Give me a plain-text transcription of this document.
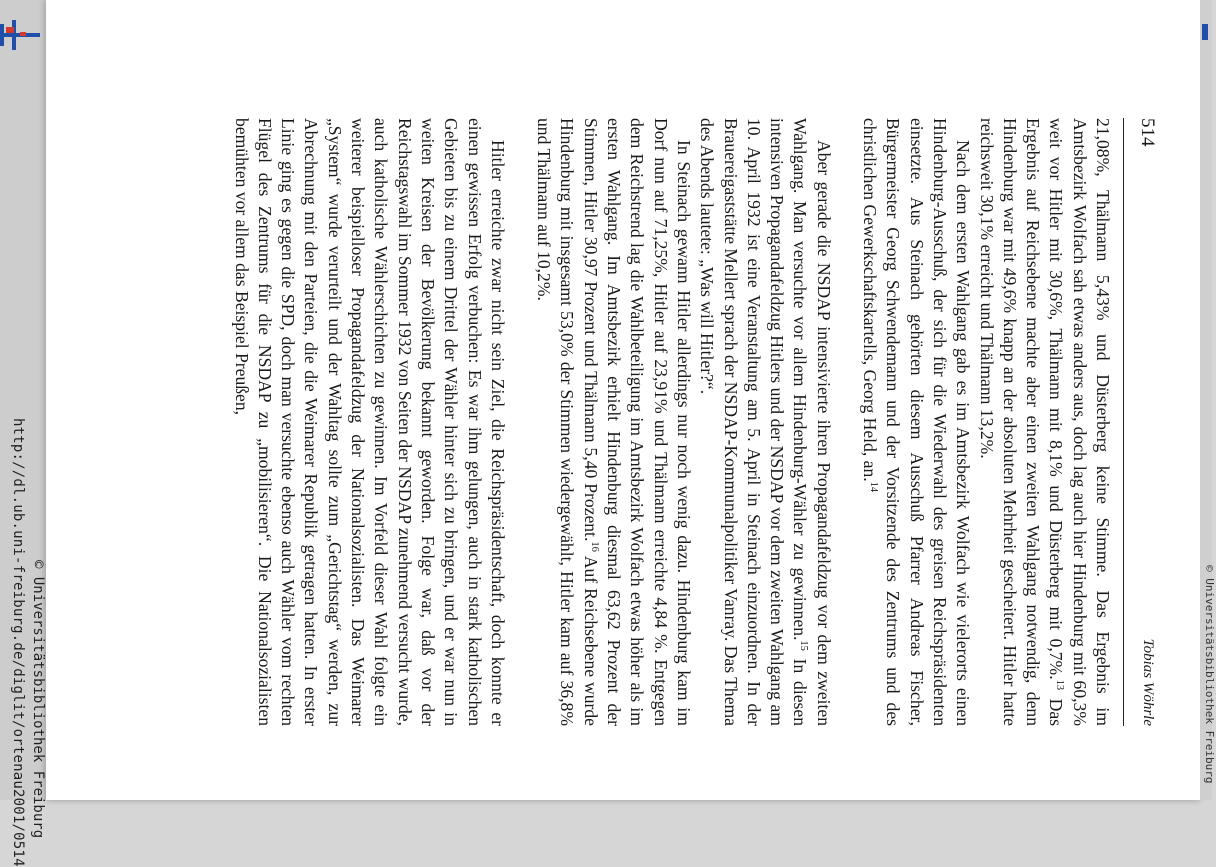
http://dl.ub.uni-freiburg.de/diglit/ortenau2001/0514 © Universitätsbibliothek Freiburg	© Universitätsbibliothek Freiburg
514
Tobias Wöhrle

21,08%, Thälmann 5,43% und Düsterberg keine Stimme. Das Ergebnis im Amtsbezirk Wolfach sah etwas anders aus, doch lag auch hier Hindenburg mit 60,3% weit vor Hitler mit 30,6%, Thälmann mit 8,1% und Düsterberg mit 0,7%.$^{13}$ Das Ergebnis auf Reichsebene machte aber einen zweiten Wahlgang notwendig, denn Hindenburg war mit 49,6% knapp an der absoluten Mehrheit gescheitert. Hitler hatte reichsweit 30,1% erreicht und Thälmann 13,2%.

Nach dem ersten Wahlgang gab es im Amtsbezirk Wolfach wie vielerorts einen Hindenburg-Ausschuß, der sich für die Wiederwahl des greisen Reichspräsidenten einsetzte. Aus Steinach gehörten diesem Ausschuß Pfarrer Andreas Fischer, Bürgermeister Georg Schwendemann und der Vorsitzende des Zentrums und des christlichen Gewerkschaftskartells, Georg Held, an.$^{14}$

Aber gerade die NSDAP intensivierte ihren Propagandafeldzug vor dem zweiten Wahlgang. Man versuchte vor allem Hindenburg-Wähler zu gewinnen.$^{15}$ In diesen intensiven Propagandafeldzug Hitlers und der NSDAP vor dem zweiten Wahlgang am 10. April 1932 ist eine Veranstaltung am 5. April in Steinach einzuordnen. In der Brauereigaststätte Mellert sprach der NSDAP-Kommunalpolitiker Vanray. Das Thema des Abends lautete: „Was will Hitler?“.

In Steinach gewann Hitler allerdings nur noch wenig dazu. Hindenburg kam im Dorf nun auf 71,25%, Hitler auf 23,91% und Thälmann erreichte 4,84 %. Entgegen dem Reichstrend lag die Wahlbeteiligung im Amtsbezirk Wolfach etwas höher als im ersten Wahlgang. Im Amtsbezirk erhielt Hindenburg diesmal 63,62 Prozent der Stimmen, Hitler 30,97 Prozent und Thälmann 5,40 Prozent.$^{16}$ Auf Reichsebene wurde Hindenburg mit insgesamt 53,0% der Stimmen wiedergewählt, Hitler kam auf 36,8% und Thälmann auf 10,2%.

Hitler erreichte zwar nicht sein Ziel, die Reichspräsidentschaft, doch konnte er einen gewissen Erfolg verbuchen: Es war ihm gelungen, auch in stark katholischen Gebieten bis zu einem Drittel der Wähler hinter sich zu bringen, und er war nun in weiten Kreisen der Bevölkerung bekannt geworden. Folge war, daß vor der Reichstagswahl im Sommer 1932 von Seiten der NSDAP zunehmend versucht wurde, auch katholische Wählerschichten zu gewinnen. Im Vorfeld dieser Wahl folgte ein weiterer beispielloser Propagandafeldzug der Nationalsozialisten. Das Weimarer „System“ wurde verurteilt und der Wahltag sollte zum „Gerichtstag“ werden, zur Abrechnung mit den Parteien, die die Weimarer Republik getragen hatten. In erster Linie ging es gegen die SPD, doch man versuchte ebenso auch Wähler vom rechten Flügel des Zentrums für die NSDAP zu „mobilisieren“. Die Nationalsozialisten bemühten vor allem das Beispiel Preußen,
